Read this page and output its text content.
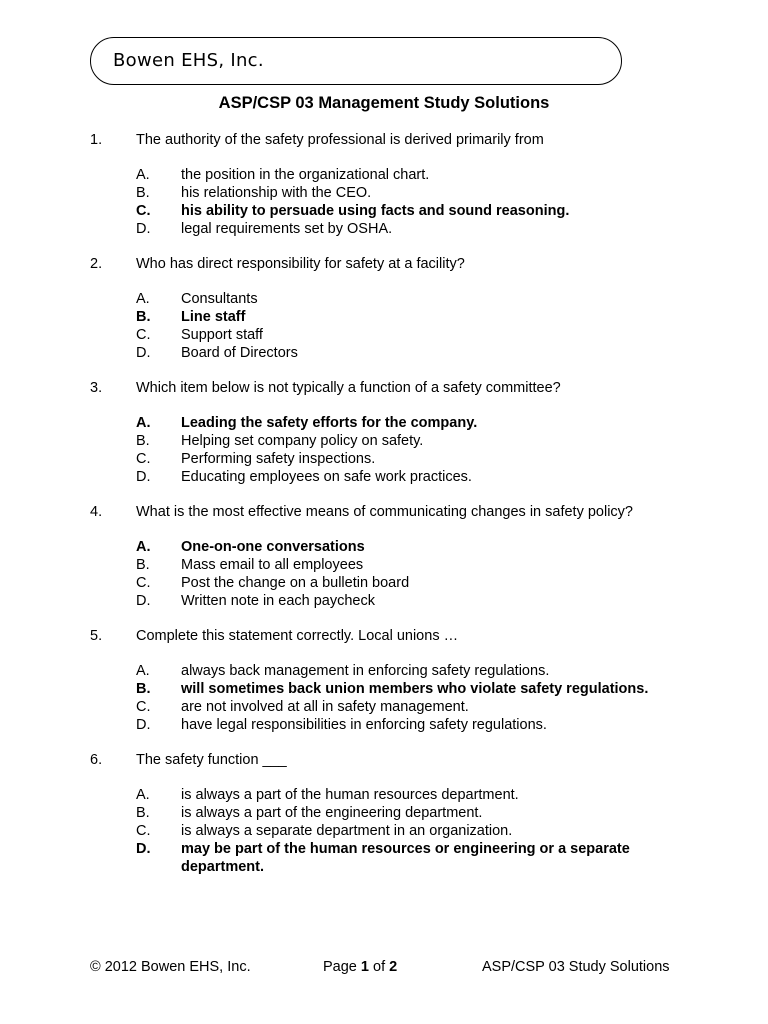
Bowen EHS, Inc.
ASP/CSP 03 Management Study Solutions
1. The authority of the safety professional is derived primarily from
A. the position in the organizational chart.
B. his relationship with the CEO.
C. his ability to persuade using facts and sound reasoning.
D. legal requirements set by OSHA.
2. Who has direct responsibility for safety at a facility?
A. Consultants
B. Line staff
C. Support staff
D. Board of Directors
3. Which item below is not typically a function of a safety committee?
A. Leading the safety efforts for the company.
B. Helping set company policy on safety.
C. Performing safety inspections.
D. Educating employees on safe work practices.
4. What is the most effective means of communicating changes in safety policy?
A. One-on-one conversations
B. Mass email to all employees
C. Post the change on a bulletin board
D. Written note in each paycheck
5. Complete this statement correctly. Local unions …
A. always back management in enforcing safety regulations.
B. will sometimes back union members who violate safety regulations.
C. are not involved at all in safety management.
D. have legal responsibilities in enforcing safety regulations.
6. The safety function ___
A. is always a part of the human resources department.
B. is always a part of the engineering department.
C. is always a separate department in an organization.
D. may be part of the human resources or engineering or a separate department.
© 2012 Bowen EHS, Inc.	Page 1 of 2	ASP/CSP 03 Study Solutions
